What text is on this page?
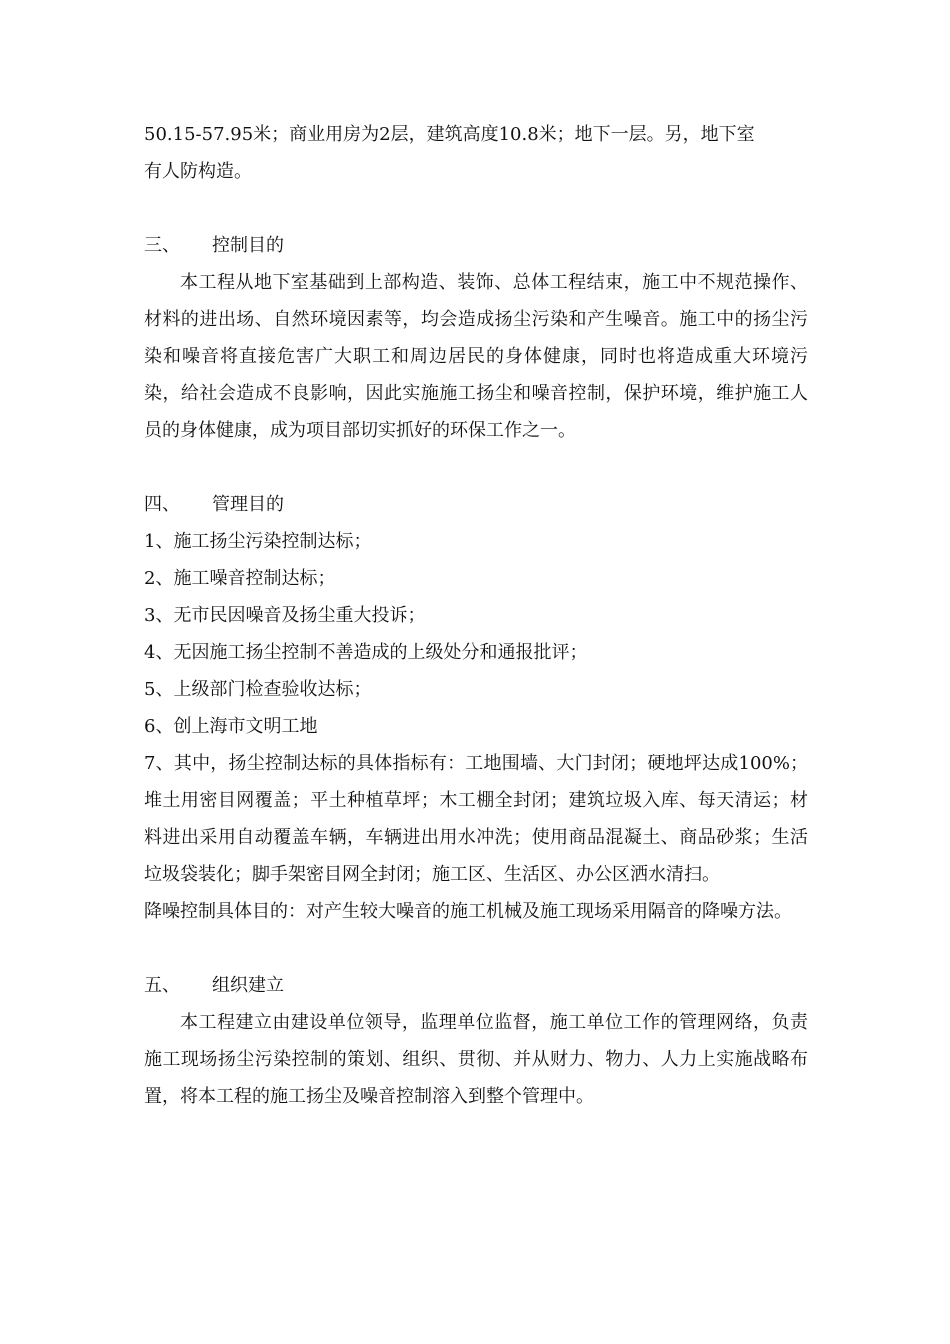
50.15-57.95米；商业用房为2层，建筑高度10.8米；地下一层。另，地下室
有人防构造。

三、 控制目的

本工程从地下室基础到上部构造、装饰、总体工程结束，施工中不规范操作、材料的进出场、自然环境因素等，均会造成扬尘污染和产生噪音。施工中的扬尘污染和噪音将直接危害广大职工和周边居民的身体健康，同时也将造成重大环境污染，给社会造成不良影响，因此实施施工扬尘和噪音控制，保护环境，维护施工人员的身体健康，成为项目部切实抓好的环保工作之一。

四、 管理目的

1、施工扬尘污染控制达标；

2、施工噪音控制达标；

3、无市民因噪音及扬尘重大投诉；

4、无因施工扬尘控制不善造成的上级处分和通报批评；

5、上级部门检查验收达标；

6、创上海市文明工地

7、其中，扬尘控制达标的具体指标有：工地围墙、大门封闭；硬地坪达成100%；堆土用密目网覆盖；平土种植草坪；木工棚全封闭；建筑垃圾入库、每天清运；材料进出采用自动覆盖车辆，车辆进出用水冲洗；使用商品混凝土、商品砂浆；生活垃圾袋装化；脚手架密目网全封闭；施工区、生活区、办公区洒水清扫。

降噪控制具体目的：对产生较大噪音的施工机械及施工现场采用隔音的降噪方法。

五、 组织建立

本工程建立由建设单位领导，监理单位监督，施工单位工作的管理网络，负责施工现场扬尘污染控制的策划、组织、贯彻、并从财力、物力、人力上实施战略布置，将本工程的施工扬尘及噪音控制溶入到整个管理中。
